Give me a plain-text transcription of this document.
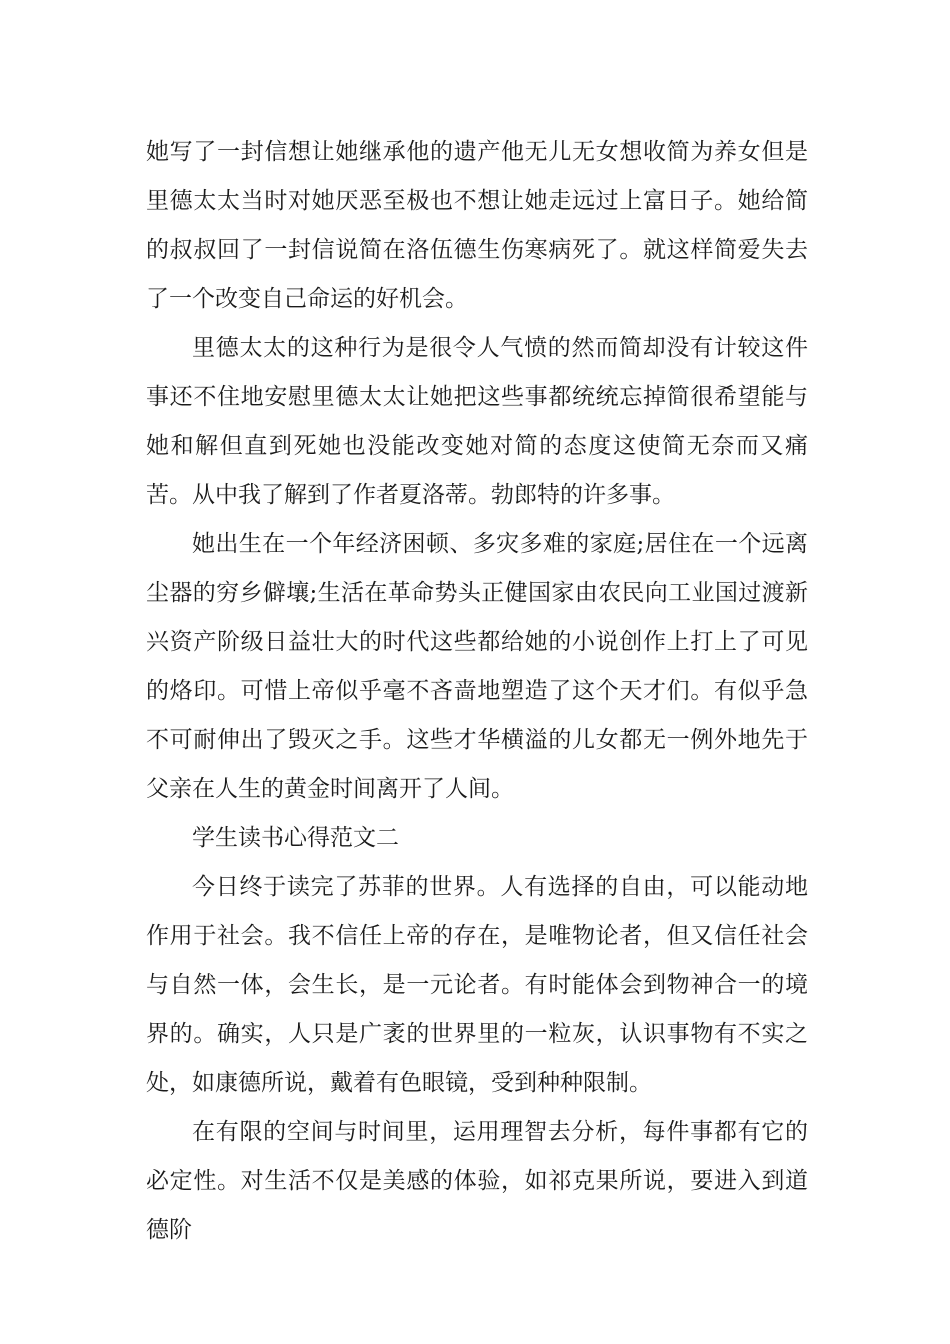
她写了一封信想让她继承他的遗产他无儿无女想收简为养女但是里德太太当时对她厌恶至极也不想让她走远过上富日子。她给简的叔叔回了一封信说简在洛伍德生伤寒病死了。就这样简爱失去了一个改变自己命运的好机会。

里德太太的这种行为是很令人气愤的然而简却没有计较这件事还不住地安慰里德太太让她把这些事都统统忘掉简很希望能与她和解但直到死她也没能改变她对简的态度这使简无奈而又痛苦。从中我了解到了作者夏洛蒂。勃郎特的许多事。

她出生在一个年经济困顿、多灾多难的家庭;居住在一个远离尘器的穷乡僻壤;生活在革命势头正健国家由农民向工业国过渡新兴资产阶级日益壮大的时代这些都给她的小说创作上打上了可见的烙印。可惜上帝似乎毫不吝啬地塑造了这个天才们。有似乎急不可耐伸出了毁灭之手。这些才华横溢的儿女都无一例外地先于父亲在人生的黄金时间离开了人间。

学生读书心得范文二

今日终于读完了苏菲的世界。人有选择的自由，可以能动地作用于社会。我不信任上帝的存在，是唯物论者，但又信任社会与自然一体，会生长，是一元论者。有时能体会到物神合一的境界的。确实，人只是广袤的世界里的一粒灰，认识事物有不实之处，如康德所说，戴着有色眼镜，受到种种限制。

在有限的空间与时间里，运用理智去分析，每件事都有它的必定性。对生活不仅是美感的体验，如祁克果所说，要进入到道德阶
